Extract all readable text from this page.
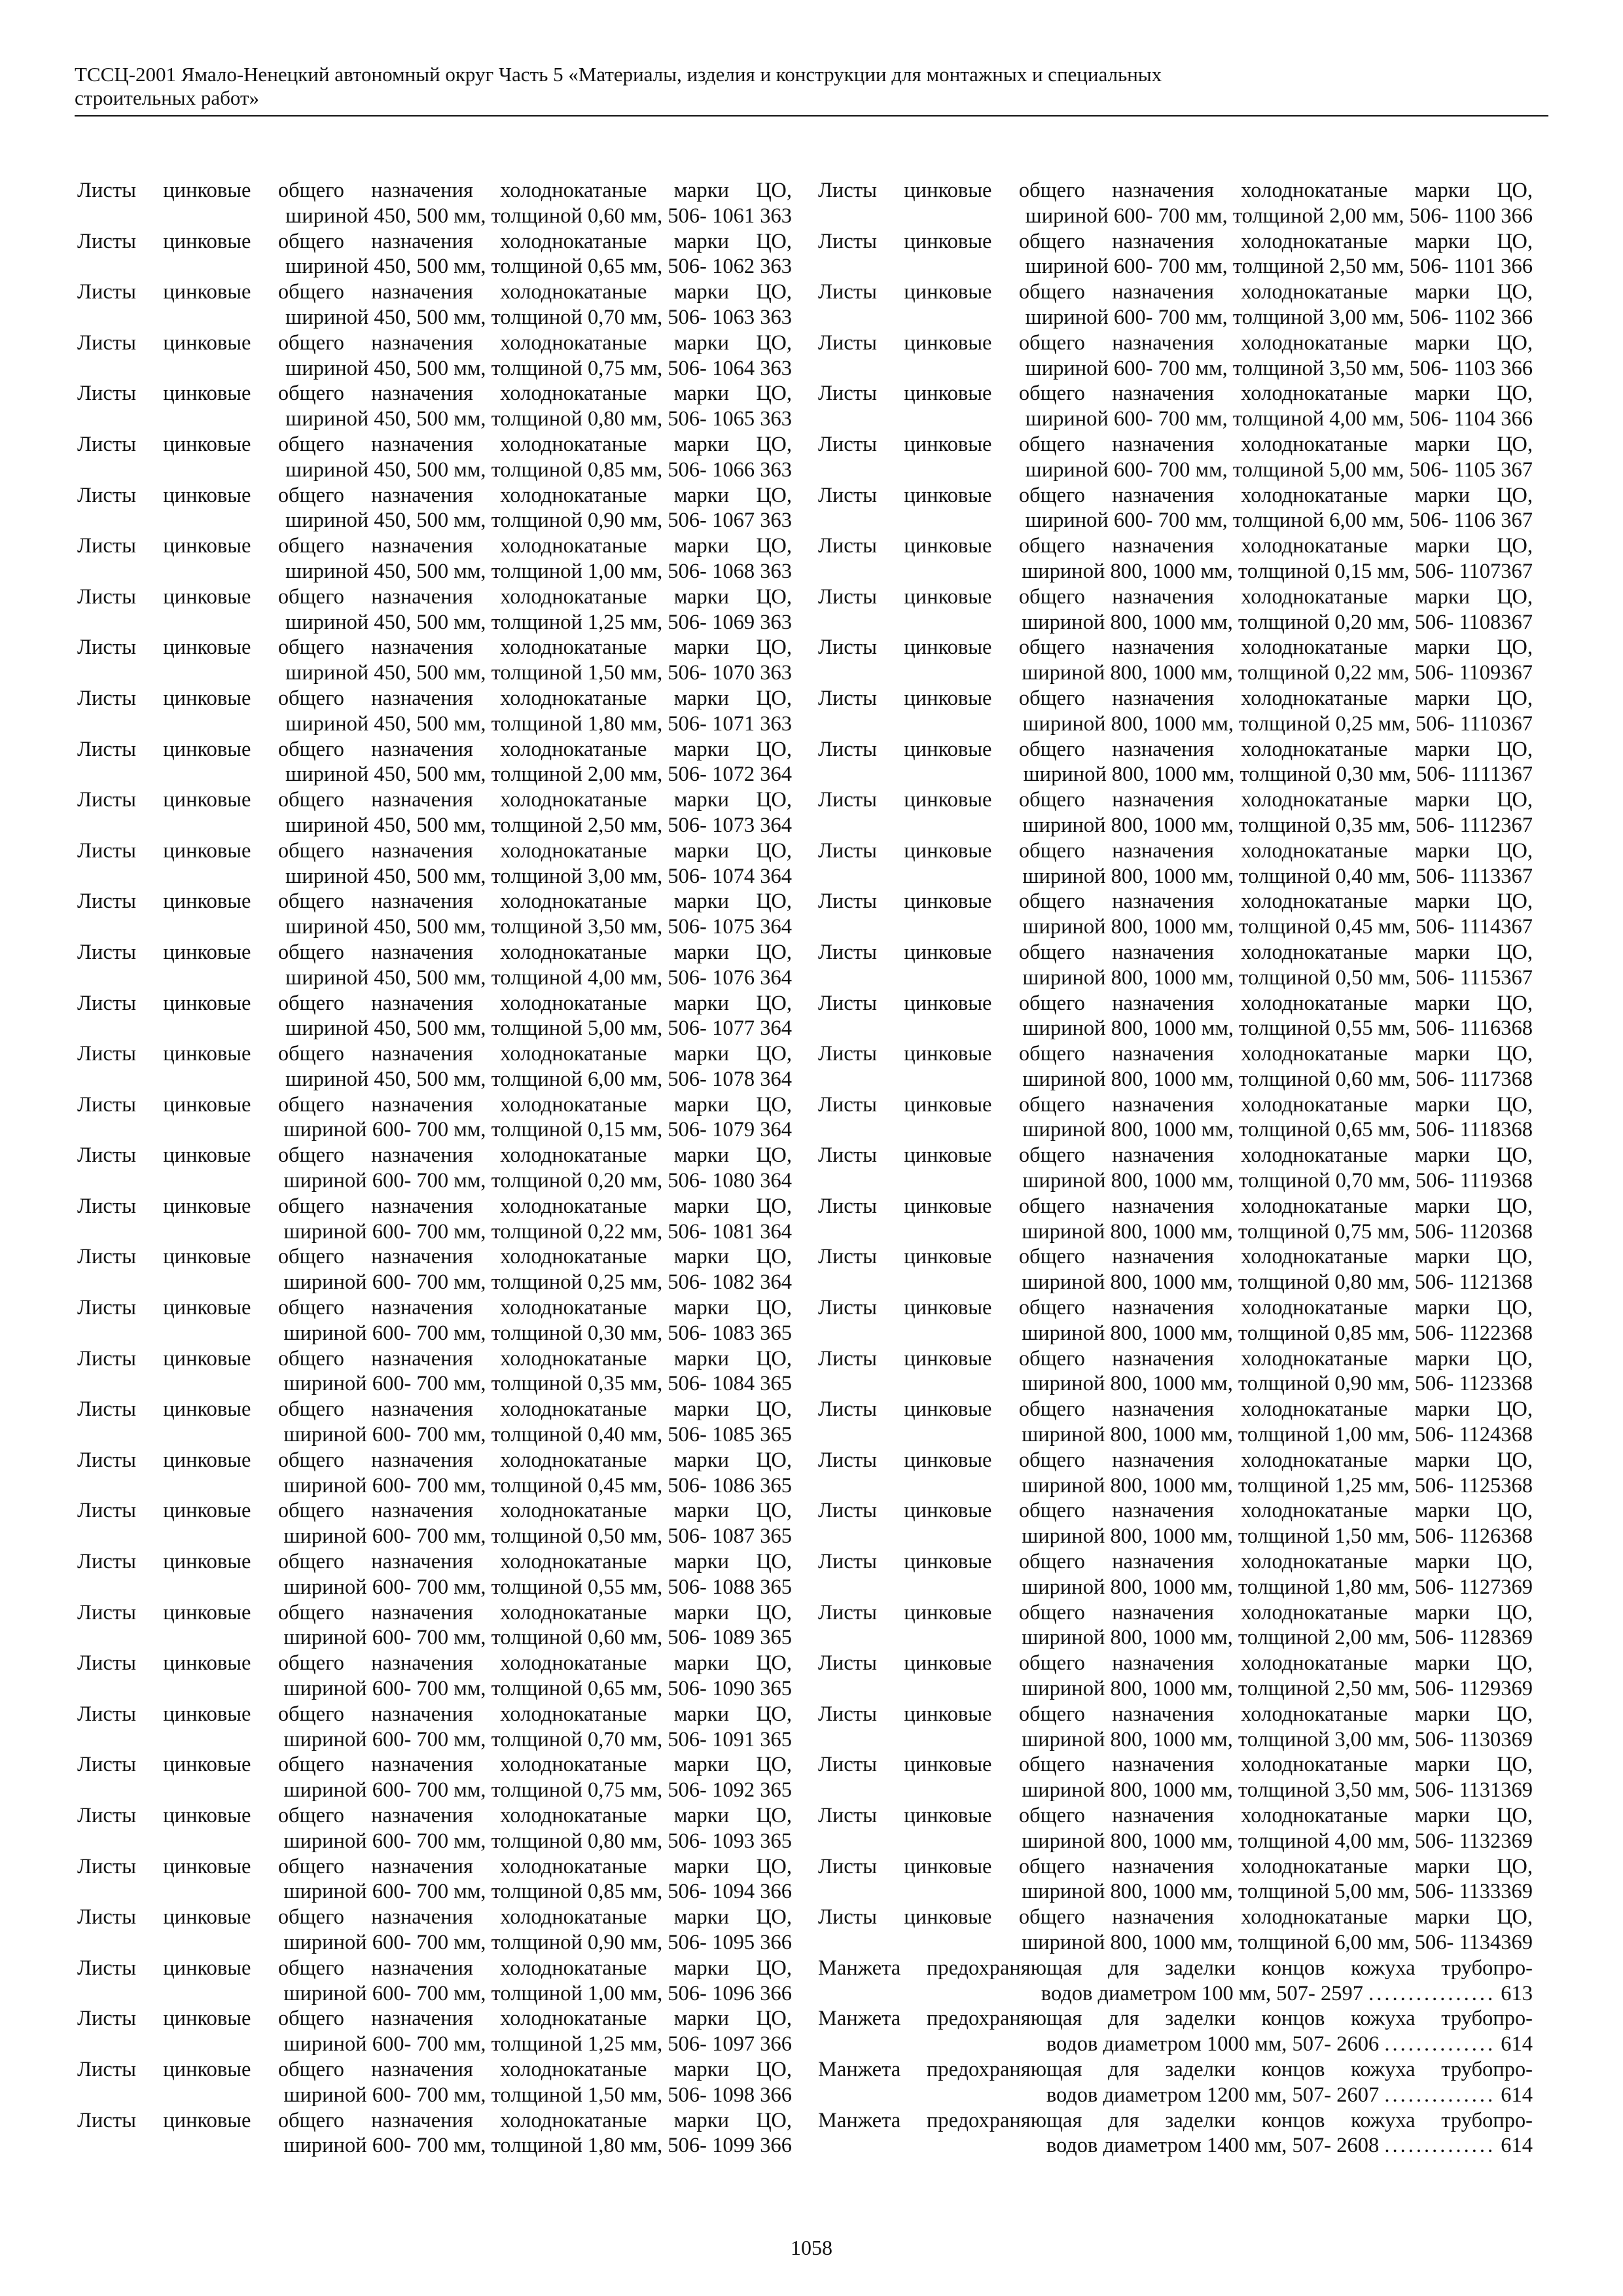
ТССЦ-2001 Ямало-Ненецкий автономный округ Часть 5 «Материалы, изделия и конструкции для монтажных и специальных
строительных работ»
Листы цинковые общего назначения холоднокатаные марки ЦО,
шириной 450, 500 мм, толщиной 0,60 мм, 506- 1061 363
Листы цинковые общего назначения холоднокатаные марки ЦО,
шириной 450, 500 мм, толщиной 0,65 мм, 506- 1062 363
Листы цинковые общего назначения холоднокатаные марки ЦО,
шириной 450, 500 мм, толщиной 0,70 мм, 506- 1063 363
Листы цинковые общего назначения холоднокатаные марки ЦО,
шириной 450, 500 мм, толщиной 0,75 мм, 506- 1064 363
Листы цинковые общего назначения холоднокатаные марки ЦО,
шириной 450, 500 мм, толщиной 0,80 мм, 506- 1065 363
Листы цинковые общего назначения холоднокатаные марки ЦО,
шириной 450, 500 мм, толщиной 0,85 мм, 506- 1066 363
Листы цинковые общего назначения холоднокатаные марки ЦО,
шириной 450, 500 мм, толщиной 0,90 мм, 506- 1067 363
Листы цинковые общего назначения холоднокатаные марки ЦО,
шириной 450, 500 мм, толщиной 1,00 мм, 506- 1068 363
Листы цинковые общего назначения холоднокатаные марки ЦО,
шириной 450, 500 мм, толщиной 1,25 мм, 506- 1069 363
Листы цинковые общего назначения холоднокатаные марки ЦО,
шириной 450, 500 мм, толщиной 1,50 мм, 506- 1070 363
Листы цинковые общего назначения холоднокатаные марки ЦО,
шириной 450, 500 мм, толщиной 1,80 мм, 506- 1071 363
Листы цинковые общего назначения холоднокатаные марки ЦО,
шириной 450, 500 мм, толщиной 2,00 мм, 506- 1072 364
Листы цинковые общего назначения холоднокатаные марки ЦО,
шириной 450, 500 мм, толщиной 2,50 мм, 506- 1073 364
Листы цинковые общего назначения холоднокатаные марки ЦО,
шириной 450, 500 мм, толщиной 3,00 мм, 506- 1074 364
Листы цинковые общего назначения холоднокатаные марки ЦО,
шириной 450, 500 мм, толщиной 3,50 мм, 506- 1075 364
Листы цинковые общего назначения холоднокатаные марки ЦО,
шириной 450, 500 мм, толщиной 4,00 мм, 506- 1076 364
Листы цинковые общего назначения холоднокатаные марки ЦО,
шириной 450, 500 мм, толщиной 5,00 мм, 506- 1077 364
Листы цинковые общего назначения холоднокатаные марки ЦО,
шириной 450, 500 мм, толщиной 6,00 мм, 506- 1078 364
Листы цинковые общего назначения холоднокатаные марки ЦО,
шириной 600- 700 мм, толщиной 0,15 мм, 506- 1079 364
Листы цинковые общего назначения холоднокатаные марки ЦО,
шириной 600- 700 мм, толщиной 0,20 мм, 506- 1080 364
Листы цинковые общего назначения холоднокатаные марки ЦО,
шириной 600- 700 мм, толщиной 0,22 мм, 506- 1081 364
Листы цинковые общего назначения холоднокатаные марки ЦО,
шириной 600- 700 мм, толщиной 0,25 мм, 506- 1082 364
Листы цинковые общего назначения холоднокатаные марки ЦО,
шириной 600- 700 мм, толщиной 0,30 мм, 506- 1083 365
Листы цинковые общего назначения холоднокатаные марки ЦО,
шириной 600- 700 мм, толщиной 0,35 мм, 506- 1084 365
Листы цинковые общего назначения холоднокатаные марки ЦО,
шириной 600- 700 мм, толщиной 0,40 мм, 506- 1085 365
Листы цинковые общего назначения холоднокатаные марки ЦО,
шириной 600- 700 мм, толщиной 0,45 мм, 506- 1086 365
Листы цинковые общего назначения холоднокатаные марки ЦО,
шириной 600- 700 мм, толщиной 0,50 мм, 506- 1087 365
Листы цинковые общего назначения холоднокатаные марки ЦО,
шириной 600- 700 мм, толщиной 0,55 мм, 506- 1088 365
Листы цинковые общего назначения холоднокатаные марки ЦО,
шириной 600- 700 мм, толщиной 0,60 мм, 506- 1089 365
Листы цинковые общего назначения холоднокатаные марки ЦО,
шириной 600- 700 мм, толщиной 0,65 мм, 506- 1090 365
Листы цинковые общего назначения холоднокатаные марки ЦО,
шириной 600- 700 мм, толщиной 0,70 мм, 506- 1091 365
Листы цинковые общего назначения холоднокатаные марки ЦО,
шириной 600- 700 мм, толщиной 0,75 мм, 506- 1092 365
Листы цинковые общего назначения холоднокатаные марки ЦО,
шириной 600- 700 мм, толщиной 0,80 мм, 506- 1093 365
Листы цинковые общего назначения холоднокатаные марки ЦО,
шириной 600- 700 мм, толщиной 0,85 мм, 506- 1094 366
Листы цинковые общего назначения холоднокатаные марки ЦО,
шириной 600- 700 мм, толщиной 0,90 мм, 506- 1095 366
Листы цинковые общего назначения холоднокатаные марки ЦО,
шириной 600- 700 мм, толщиной 1,00 мм, 506- 1096 366
Листы цинковые общего назначения холоднокатаные марки ЦО,
шириной 600- 700 мм, толщиной 1,25 мм, 506- 1097 366
Листы цинковые общего назначения холоднокатаные марки ЦО,
шириной 600- 700 мм, толщиной 1,50 мм, 506- 1098 366
Листы цинковые общего назначения холоднокатаные марки ЦО,
шириной 600- 700 мм, толщиной 1,80 мм, 506- 1099 366
Листы цинковые общего назначения холоднокатаные марки ЦО,
шириной 600- 700 мм, толщиной 2,00 мм, 506- 1100 366
Листы цинковые общего назначения холоднокатаные марки ЦО,
шириной 600- 700 мм, толщиной 2,50 мм, 506- 1101 366
Листы цинковые общего назначения холоднокатаные марки ЦО,
шириной 600- 700 мм, толщиной 3,00 мм, 506- 1102 366
Листы цинковые общего назначения холоднокатаные марки ЦО,
шириной 600- 700 мм, толщиной 3,50 мм, 506- 1103 366
Листы цинковые общего назначения холоднокатаные марки ЦО,
шириной 600- 700 мм, толщиной 4,00 мм, 506- 1104 366
Листы цинковые общего назначения холоднокатаные марки ЦО,
шириной 600- 700 мм, толщиной 5,00 мм, 506- 1105 367
Листы цинковые общего назначения холоднокатаные марки ЦО,
шириной 600- 700 мм, толщиной 6,00 мм, 506- 1106 367
Листы цинковые общего назначения холоднокатаные марки ЦО,
шириной 800, 1000 мм, толщиной 0,15 мм, 506- 1107367
Листы цинковые общего назначения холоднокатаные марки ЦО,
шириной 800, 1000 мм, толщиной 0,20 мм, 506- 1108367
Листы цинковые общего назначения холоднокатаные марки ЦО,
шириной 800, 1000 мм, толщиной 0,22 мм, 506- 1109367
Листы цинковые общего назначения холоднокатаные марки ЦО,
шириной 800, 1000 мм, толщиной 0,25 мм, 506- 1110367
Листы цинковые общего назначения холоднокатаные марки ЦО,
шириной 800, 1000 мм, толщиной 0,30 мм, 506- 1111367
Листы цинковые общего назначения холоднокатаные марки ЦО,
шириной 800, 1000 мм, толщиной 0,35 мм, 506- 1112367
Листы цинковые общего назначения холоднокатаные марки ЦО,
шириной 800, 1000 мм, толщиной 0,40 мм, 506- 1113367
Листы цинковые общего назначения холоднокатаные марки ЦО,
шириной 800, 1000 мм, толщиной 0,45 мм, 506- 1114367
Листы цинковые общего назначения холоднокатаные марки ЦО,
шириной 800, 1000 мм, толщиной 0,50 мм, 506- 1115367
Листы цинковые общего назначения холоднокатаные марки ЦО,
шириной 800, 1000 мм, толщиной 0,55 мм, 506- 1116368
Листы цинковые общего назначения холоднокатаные марки ЦО,
шириной 800, 1000 мм, толщиной 0,60 мм, 506- 1117368
Листы цинковые общего назначения холоднокатаные марки ЦО,
шириной 800, 1000 мм, толщиной 0,65 мм, 506- 1118368
Листы цинковые общего назначения холоднокатаные марки ЦО,
шириной 800, 1000 мм, толщиной 0,70 мм, 506- 1119368
Листы цинковые общего назначения холоднокатаные марки ЦО,
шириной 800, 1000 мм, толщиной 0,75 мм, 506- 1120368
Листы цинковые общего назначения холоднокатаные марки ЦО,
шириной 800, 1000 мм, толщиной 0,80 мм, 506- 1121368
Листы цинковые общего назначения холоднокатаные марки ЦО,
шириной 800, 1000 мм, толщиной 0,85 мм, 506- 1122368
Листы цинковые общего назначения холоднокатаные марки ЦО,
шириной 800, 1000 мм, толщиной 0,90 мм, 506- 1123368
Листы цинковые общего назначения холоднокатаные марки ЦО,
шириной 800, 1000 мм, толщиной 1,00 мм, 506- 1124368
Листы цинковые общего назначения холоднокатаные марки ЦО,
шириной 800, 1000 мм, толщиной 1,25 мм, 506- 1125368
Листы цинковые общего назначения холоднокатаные марки ЦО,
шириной 800, 1000 мм, толщиной 1,50 мм, 506- 1126368
Листы цинковые общего назначения холоднокатаные марки ЦО,
шириной 800, 1000 мм, толщиной 1,80 мм, 506- 1127369
Листы цинковые общего назначения холоднокатаные марки ЦО,
шириной 800, 1000 мм, толщиной 2,00 мм, 506- 1128369
Листы цинковые общего назначения холоднокатаные марки ЦО,
шириной 800, 1000 мм, толщиной 2,50 мм, 506- 1129369
Листы цинковые общего назначения холоднокатаные марки ЦО,
шириной 800, 1000 мм, толщиной 3,00 мм, 506- 1130369
Листы цинковые общего назначения холоднокатаные марки ЦО,
шириной 800, 1000 мм, толщиной 3,50 мм, 506- 1131369
Листы цинковые общего назначения холоднокатаные марки ЦО,
шириной 800, 1000 мм, толщиной 4,00 мм, 506- 1132369
Листы цинковые общего назначения холоднокатаные марки ЦО,
шириной 800, 1000 мм, толщиной 5,00 мм, 506- 1133369
Листы цинковые общего назначения холоднокатаные марки ЦО,
шириной 800, 1000 мм, толщиной 6,00 мм, 506- 1134369
Манжета предохраняющая для заделки концов кожуха трубопро-
водов диаметром 100 мм, 507- 2597 ................ 613
Манжета предохраняющая для заделки концов кожуха трубопро-
водов диаметром 1000 мм, 507- 2606 .............. 614
Манжета предохраняющая для заделки концов кожуха трубопро-
водов диаметром 1200 мм, 507- 2607 .............. 614
Манжета предохраняющая для заделки концов кожуха трубопро-
водов диаметром 1400 мм, 507- 2608 .............. 614
1058
